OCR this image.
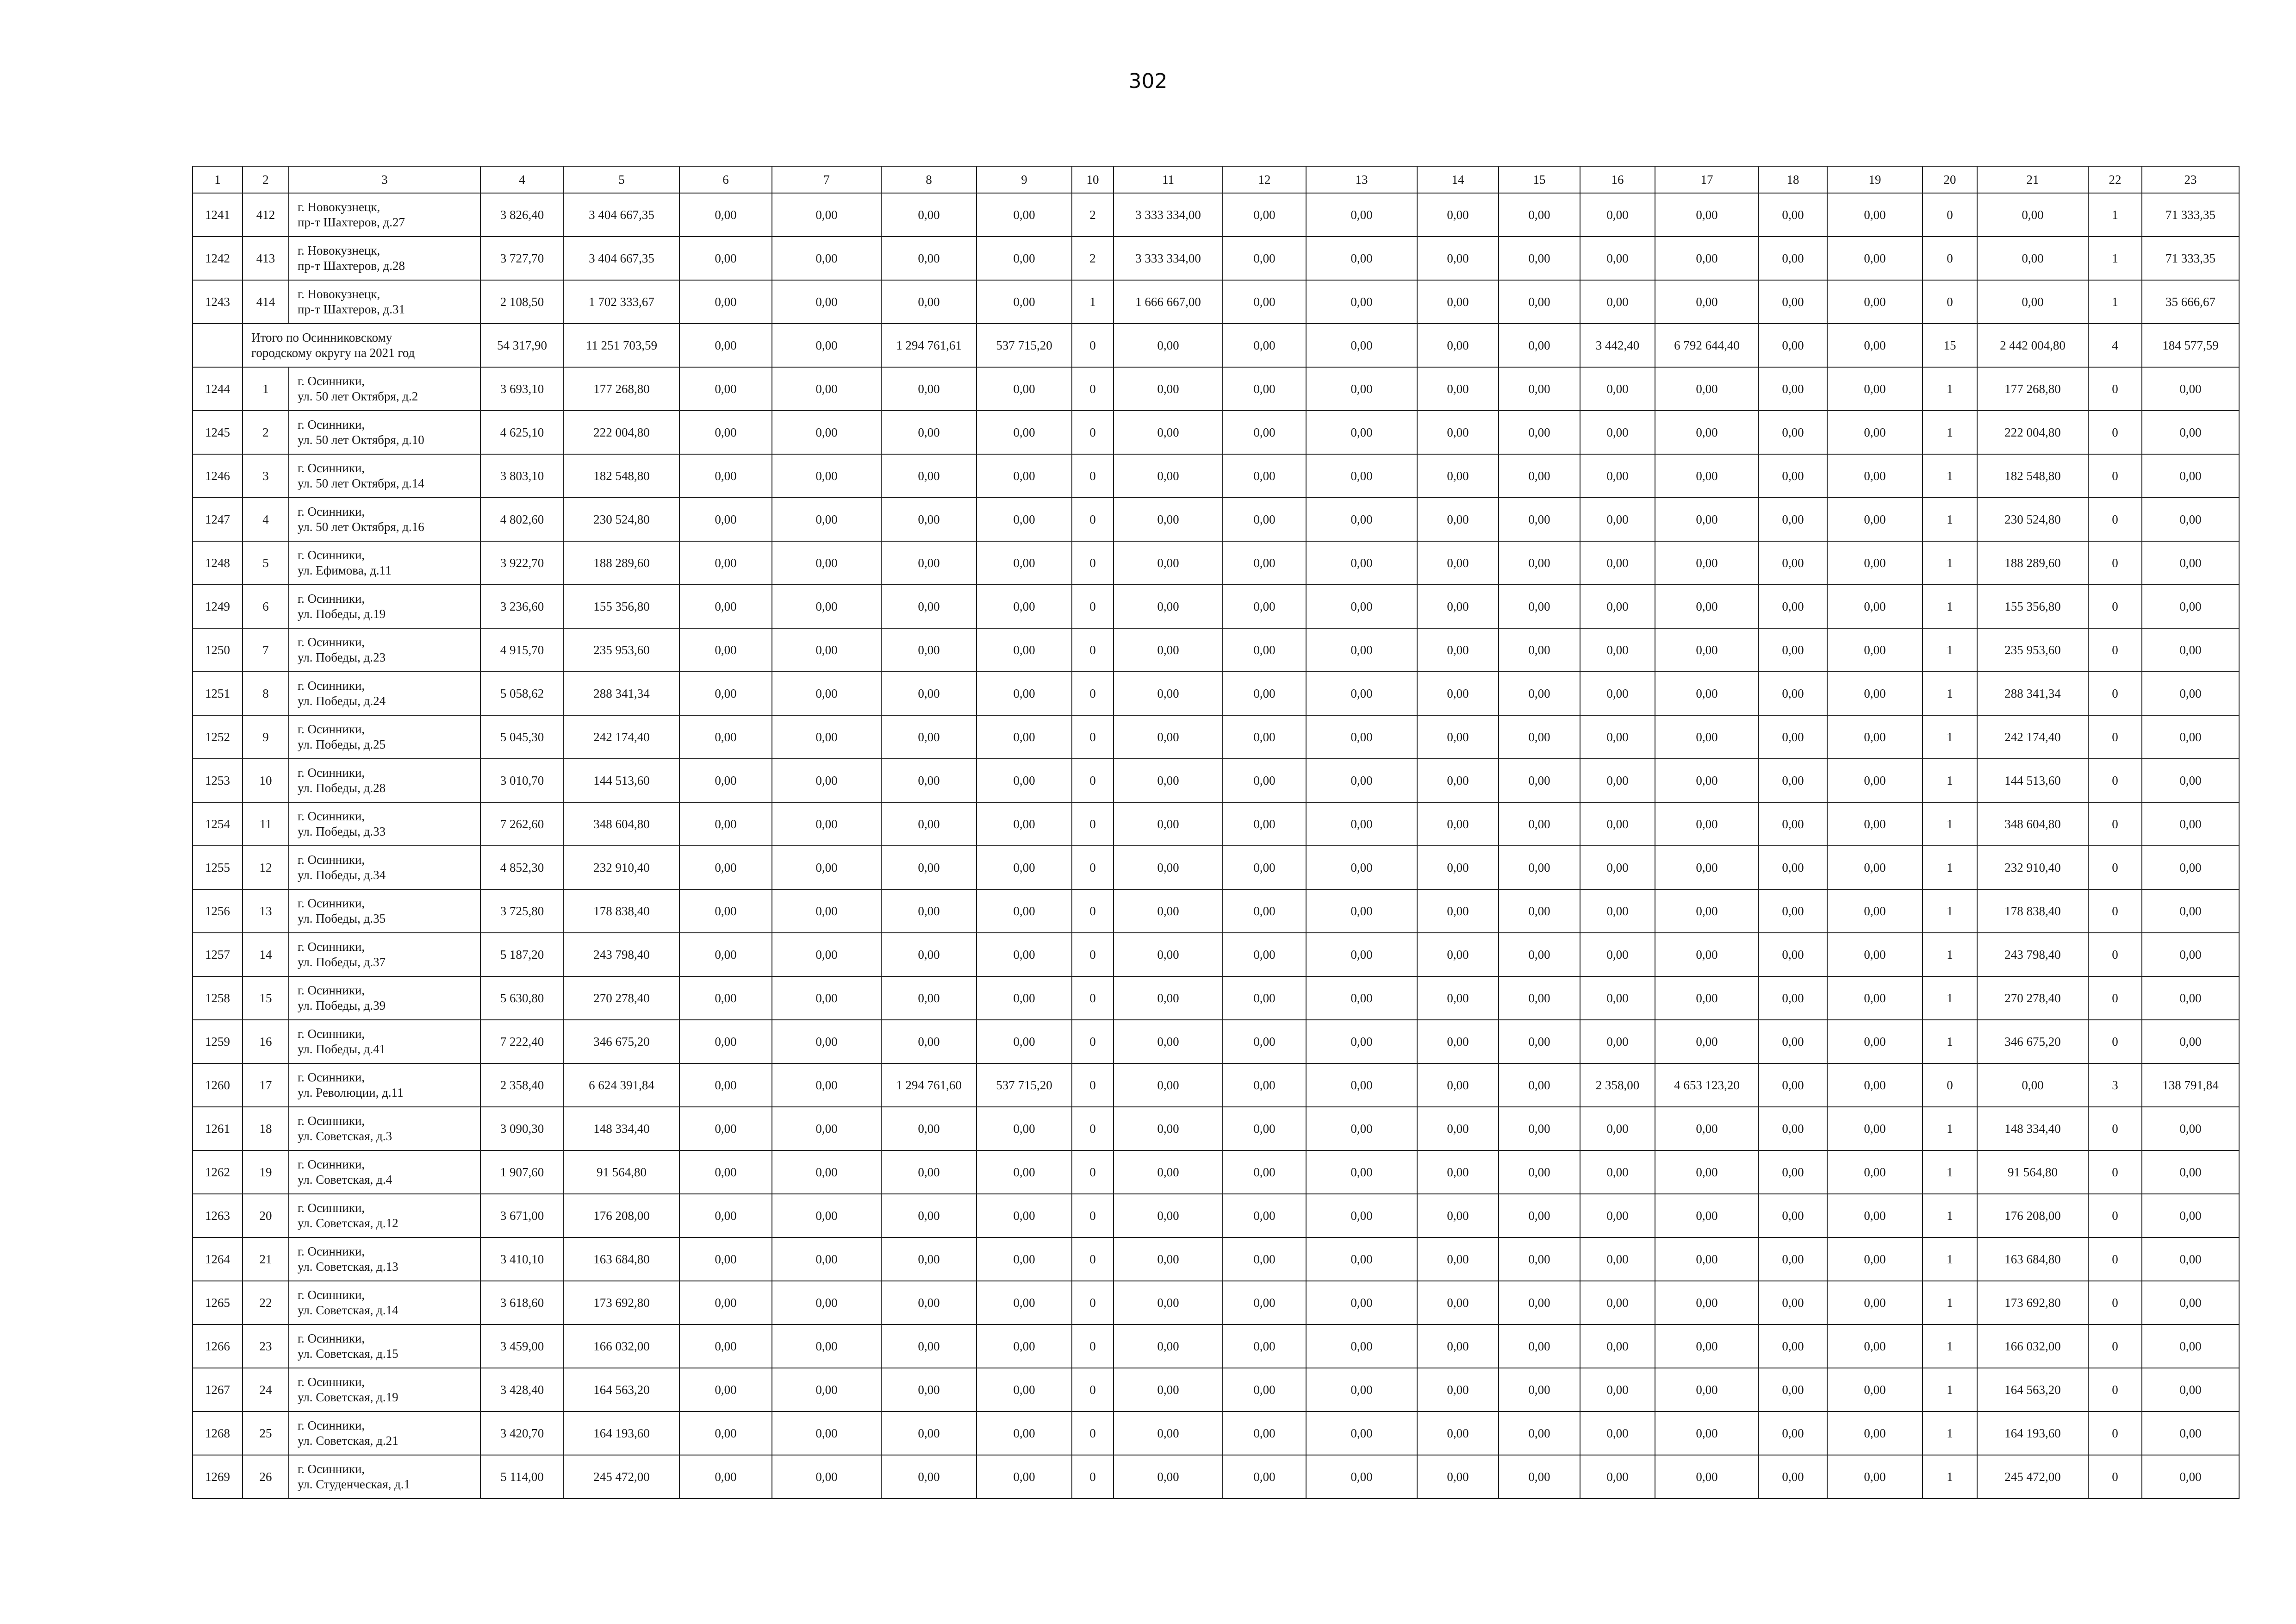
302
1	2	3	4	5	6	7	8	9	10	11	12	13	14	15	16	17	18	19	20	21	22	23
1241	412	г. Новокузнецк,
пр-т Шахтеров, д.27	3 826,40	3 404 667,35	0,00	0,00	0,00	0,00	2	3 333 334,00	0,00	0,00	0,00	0,00	0,00	0,00	0,00	0,00	0	0,00	1	71 333,35
1242	413	г. Новокузнецк,
пр-т Шахтеров, д.28	3 727,70	3 404 667,35	0,00	0,00	0,00	0,00	2	3 333 334,00	0,00	0,00	0,00	0,00	0,00	0,00	0,00	0,00	0	0,00	1	71 333,35
1243	414	г. Новокузнецк,
пр-т Шахтеров, д.31	2 108,50	1 702 333,67	0,00	0,00	0,00	0,00	1	1 666 667,00	0,00	0,00	0,00	0,00	0,00	0,00	0,00	0,00	0	0,00	1	35 666,67

	Итого по Осинниковскому
городскому округу на 2021 год		54 317,90	11 251 703,59	0,00	0,00	1 294 761,61	537 715,20	0	0,00	0,00	0,00	0,00	0,00	3 442,40	6 792 644,40	0,00	0,00	15	2 442 004,80	4	184 577,59
1244	1	г. Осинники,
ул. 50 лет Октября, д.2	3 693,10	177 268,80	0,00	0,00	0,00	0,00	0	0,00	0,00	0,00	0,00	0,00	0,00	0,00	0,00	0,00	1	177 268,80	0	0,00
1245	2	г. Осинники,
ул. 50 лет Октября, д.10	4 625,10	222 004,80	0,00	0,00	0,00	0,00	0	0,00	0,00	0,00	0,00	0,00	0,00	0,00	0,00	0,00	1	222 004,80	0	0,00
1246	3	г. Осинники,
ул. 50 лет Октября, д.14	3 803,10	182 548,80	0,00	0,00	0,00	0,00	0	0,00	0,00	0,00	0,00	0,00	0,00	0,00	0,00	0,00	1	182 548,80	0	0,00
1247	4	г. Осинники,
ул. 50 лет Октября, д.16	4 802,60	230 524,80	0,00	0,00	0,00	0,00	0	0,00	0,00	0,00	0,00	0,00	0,00	0,00	0,00	0,00	1	230 524,80	0	0,00
1248	5	г. Осинники,
ул. Ефимова, д.11	3 922,70	188 289,60	0,00	0,00	0,00	0,00	0	0,00	0,00	0,00	0,00	0,00	0,00	0,00	0,00	0,00	1	188 289,60	0	0,00
1249	6	г. Осинники,
ул. Победы, д.19	3 236,60	155 356,80	0,00	0,00	0,00	0,00	0	0,00	0,00	0,00	0,00	0,00	0,00	0,00	0,00	0,00	1	155 356,80	0	0,00
1250	7	г. Осинники,
ул. Победы, д.23	4 915,70	235 953,60	0,00	0,00	0,00	0,00	0	0,00	0,00	0,00	0,00	0,00	0,00	0,00	0,00	0,00	1	235 953,60	0	0,00
1251	8	г. Осинники,
ул. Победы, д.24	5 058,62	288 341,34	0,00	0,00	0,00	0,00	0	0,00	0,00	0,00	0,00	0,00	0,00	0,00	0,00	0,00	1	288 341,34	0	0,00
1252	9	г. Осинники,
ул. Победы, д.25	5 045,30	242 174,40	0,00	0,00	0,00	0,00	0	0,00	0,00	0,00	0,00	0,00	0,00	0,00	0,00	0,00	1	242 174,40	0	0,00
1253	10	г. Осинники,
ул. Победы, д.28	3 010,70	144 513,60	0,00	0,00	0,00	0,00	0	0,00	0,00	0,00	0,00	0,00	0,00	0,00	0,00	0,00	1	144 513,60	0	0,00
1254	11	г. Осинники,
ул. Победы, д.33	7 262,60	348 604,80	0,00	0,00	0,00	0,00	0	0,00	0,00	0,00	0,00	0,00	0,00	0,00	0,00	0,00	1	348 604,80	0	0,00
1255	12	г. Осинники,
ул. Победы, д.34	4 852,30	232 910,40	0,00	0,00	0,00	0,00	0	0,00	0,00	0,00	0,00	0,00	0,00	0,00	0,00	0,00	1	232 910,40	0	0,00
1256	13	г. Осинники,
ул. Победы, д.35	3 725,80	178 838,40	0,00	0,00	0,00	0,00	0	0,00	0,00	0,00	0,00	0,00	0,00	0,00	0,00	0,00	1	178 838,40	0	0,00
1257	14	г. Осинники,
ул. Победы, д.37	5 187,20	243 798,40	0,00	0,00	0,00	0,00	0	0,00	0,00	0,00	0,00	0,00	0,00	0,00	0,00	0,00	1	243 798,40	0	0,00
1258	15	г. Осинники,
ул. Победы, д.39	5 630,80	270 278,40	0,00	0,00	0,00	0,00	0	0,00	0,00	0,00	0,00	0,00	0,00	0,00	0,00	0,00	1	270 278,40	0	0,00
1259	16	г. Осинники,
ул. Победы, д.41	7 222,40	346 675,20	0,00	0,00	0,00	0,00	0	0,00	0,00	0,00	0,00	0,00	0,00	0,00	0,00	0,00	1	346 675,20	0	0,00
1260	17	г. Осинники,
ул. Революции, д.11	2 358,40	6 624 391,84	0,00	0,00	1 294 761,60	537 715,20	0	0,00	0,00	0,00	0,00	0,00	2 358,00	4 653 123,20	0,00	0,00	0	0,00	3	138 791,84
1261	18	г. Осинники,
ул. Советская, д.3	3 090,30	148 334,40	0,00	0,00	0,00	0,00	0	0,00	0,00	0,00	0,00	0,00	0,00	0,00	0,00	0,00	1	148 334,40	0	0,00
1262	19	г. Осинники,
ул. Советская, д.4	1 907,60	91 564,80	0,00	0,00	0,00	0,00	0	0,00	0,00	0,00	0,00	0,00	0,00	0,00	0,00	0,00	1	91 564,80	0	0,00
1263	20	г. Осинники,
ул. Советская, д.12	3 671,00	176 208,00	0,00	0,00	0,00	0,00	0	0,00	0,00	0,00	0,00	0,00	0,00	0,00	0,00	0,00	1	176 208,00	0	0,00
1264	21	г. Осинники,
ул. Советская, д.13	3 410,10	163 684,80	0,00	0,00	0,00	0,00	0	0,00	0,00	0,00	0,00	0,00	0,00	0,00	0,00	0,00	1	163 684,80	0	0,00
1265	22	г. Осинники,
ул. Советская, д.14	3 618,60	173 692,80	0,00	0,00	0,00	0,00	0	0,00	0,00	0,00	0,00	0,00	0,00	0,00	0,00	0,00	1	173 692,80	0	0,00
1266	23	г. Осинники,
ул. Советская, д.15	3 459,00	166 032,00	0,00	0,00	0,00	0,00	0	0,00	0,00	0,00	0,00	0,00	0,00	0,00	0,00	0,00	1	166 032,00	0	0,00
1267	24	г. Осинники,
ул. Советская, д.19	3 428,40	164 563,20	0,00	0,00	0,00	0,00	0	0,00	0,00	0,00	0,00	0,00	0,00	0,00	0,00	0,00	1	164 563,20	0	0,00
1268	25	г. Осинники,
ул. Советская, д.21	3 420,70	164 193,60	0,00	0,00	0,00	0,00	0	0,00	0,00	0,00	0,00	0,00	0,00	0,00	0,00	0,00	1	164 193,60	0	0,00
1269	26	г. Осинники,
ул. Студенческая, д.1	5 114,00	245 472,00	0,00	0,00	0,00	0,00	0	0,00	0,00	0,00	0,00	0,00	0,00	0,00	0,00	0,00	1	245 472,00	0	0,00
